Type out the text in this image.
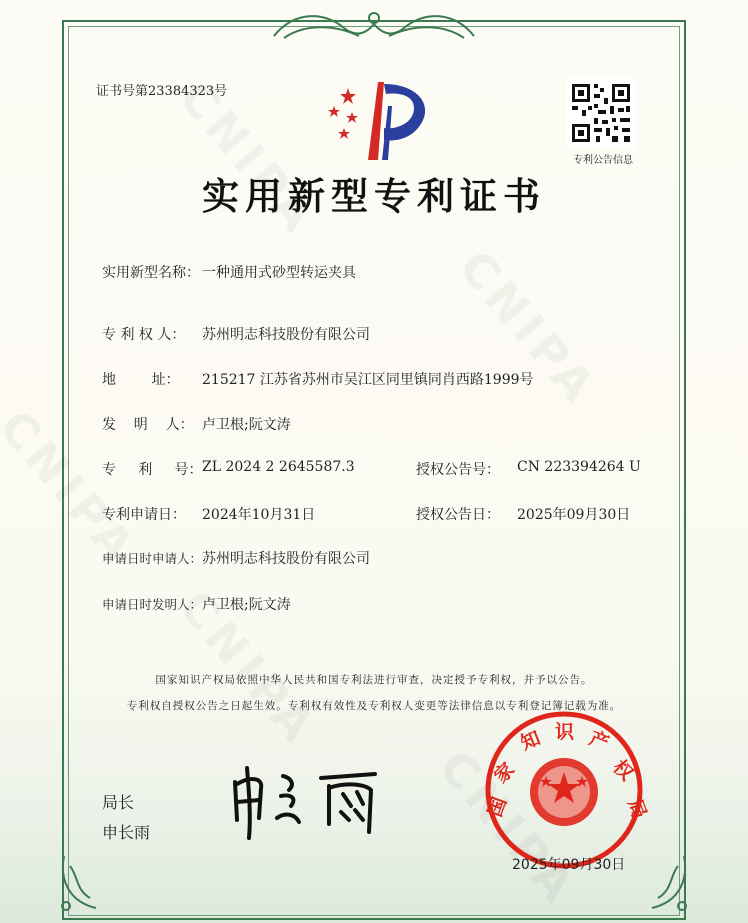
证书号第23384323号
专利公告信息
实用新型专利证书
实用新型名称： 一种通用式砂型转运夹具
专 利 权 人： 苏州明志科技股份有限公司
地        址： 215217 江苏省苏州市吴江区同里镇同肖西路1999号
发    明    人： 卢卫根;阮文涛
专     利     号： ZL 2024 2 2645587.3	授权公告号： CN 223394264 U
专利申请日： 2024年10月31日	授权公告日： 2025年09月30日
申请日时申请人： 苏州明志科技股份有限公司
申请日时发明人： 卢卫根;阮文涛
国家知识产权局依照中华人民共和国专利法进行审查，决定授予专利权，并予以公告。
专利权自授权公告之日起生效。专利权有效性及专利权人变更等法律信息以专利登记簿记载为准。
局长
申长雨
国
家
知 识 产
权
局
2025年09月30日
